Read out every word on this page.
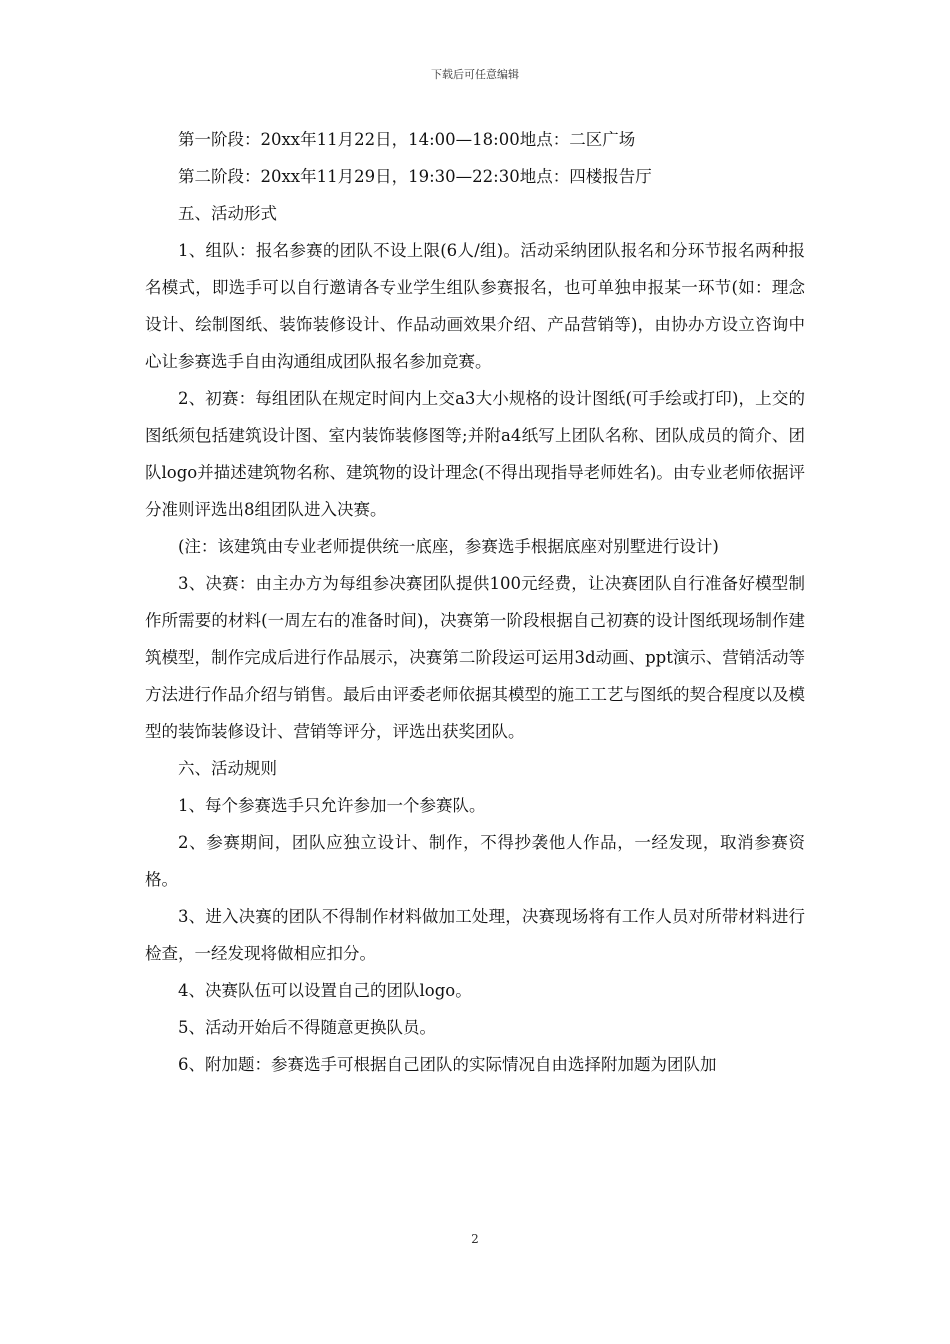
下载后可任意编辑

第一阶段：20xx年11月22日，14:00—18:00地点：二区广场

第二阶段：20xx年11月29日，19:30—22:30地点：四楼报告厅

五、活动形式

1、组队：报名参赛的团队不设上限(6人/组)。活动采纳团队报名和分环节报名两种报名模式，即选手可以自行邀请各专业学生组队参赛报名，也可单独申报某一环节(如：理念设计、绘制图纸、装饰装修设计、作品动画效果介绍、产品营销等)，由协办方设立咨询中心让参赛选手自由沟通组成团队报名参加竞赛。

2、初赛：每组团队在规定时间内上交a3大小规格的设计图纸(可手绘或打印)，上交的图纸须包括建筑设计图、室内装饰装修图等;并附a4纸写上团队名称、团队成员的简介、团队logo并描述建筑物名称、建筑物的设计理念(不得出现指导老师姓名)。由专业老师依据评分准则评选出8组团队进入决赛。

(注：该建筑由专业老师提供统一底座，参赛选手根据底座对别墅进行设计)

3、决赛：由主办方为每组参决赛团队提供100元经费，让决赛团队自行准备好模型制作所需要的材料(一周左右的准备时间)，决赛第一阶段根据自己初赛的设计图纸现场制作建筑模型，制作完成后进行作品展示，决赛第二阶段运可运用3d动画、ppt演示、营销活动等方法进行作品介绍与销售。最后由评委老师依据其模型的施工工艺与图纸的契合程度以及模型的装饰装修设计、营销等评分，评选出获奖团队。

六、活动规则

1、每个参赛选手只允许参加一个参赛队。

2、参赛期间，团队应独立设计、制作，不得抄袭他人作品，一经发现，取消参赛资格。

3、进入决赛的团队不得制作材料做加工处理，决赛现场将有工作人员对所带材料进行检查，一经发现将做相应扣分。

4、决赛队伍可以设置自己的团队logo。

5、活动开始后不得随意更换队员。

6、附加题：参赛选手可根据自己团队的实际情况自由选择附加题为团队加

2
